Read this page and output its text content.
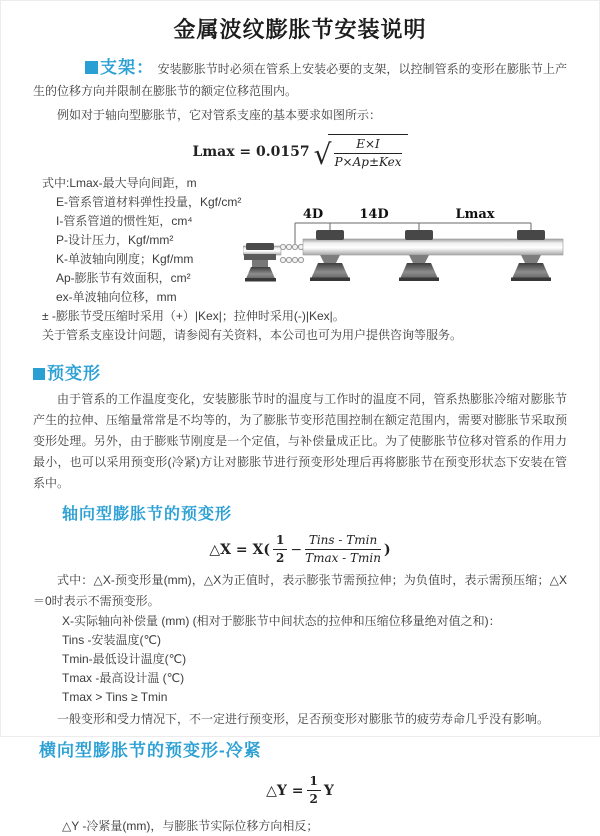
金属波纹膨胀节安装说明

支架： 安装膨胀节时必须在管系上安装必要的支架，以控制管系的变形在膨胀节上产生的位移方向并限制在膨胀节的额定位移范围内。

例如对于轴向型膨胀节，它对管系支座的基本要求如图所示：

Lmax = 0.0157 √ $\frac{E\times I}{\text{P×Ap±Kex}}$
式中:Lmax-最大导向间距，m
E-管系管道材料弹性投量，Kgf/cm²
I-管系管道的惯性矩，cm⁴
P-设计压力，Kgf/mm²
K-单波轴向刚度；Kgf/mm
Ap-膨胀节有效面积，cm²
ex-单波轴向位移，mm
± -膨胀节受压缩时采用（+）|Kex|；拉伸时采用(-)|Kex|。
关于管系支座设计问题，请参阅有关资料，本公司也可为用户提供咨询等服务。
4D	14D	Lmax
预变形

由于管系的工作温度变化，安装膨胀节时的温度与工作时的温度不同，管系热膨胀冷缩对膨胀节产生的拉伸、压缩量常常是不均等的，为了膨胀节变形范围控制在额定范围内，需要对膨胀节采取预变形处理。另外，由于膨账节刚度是一个定值，与补偿量成正比。为了使膨胀节位移对管系的作用力最小，也可以采用预变形(冷紧)方让对膨胀节进行预变形处理后再将膨胀节在预变形状态下安装在管系中。

轴向型膨胀节的预变形
△X = $X( \frac{1}{2} - \frac{\text{Tins - Tmin}}{Tmax - Tmin}$ )

式中：△X-预变形量(mm)，△X为正值时，表示膨张节需预拉伸；为负值时，表示需预压缩；△X＝0时表示不需预变形。

X-实际轴向补偿量 (mm) (相对于膨胀节中间状态的拉伸和压缩位移量绝对值之和)：
Tins -安装温度(℃)
Tmin-最低设计温度(℃)
Tmax -最高设计温 (℃)
Tmax > Tins ≥ Tmin

一般变形和受力情况下，不一定进行预变形，足否预变形对膨胀节的疲劳寿命几乎没有影响。

横向型膨胀节的预变形-冷紧
△Y = $\frac{1}{2}$ Y
△Y -冷紧量(mm)，与膨胀节实际位移方向相反；
